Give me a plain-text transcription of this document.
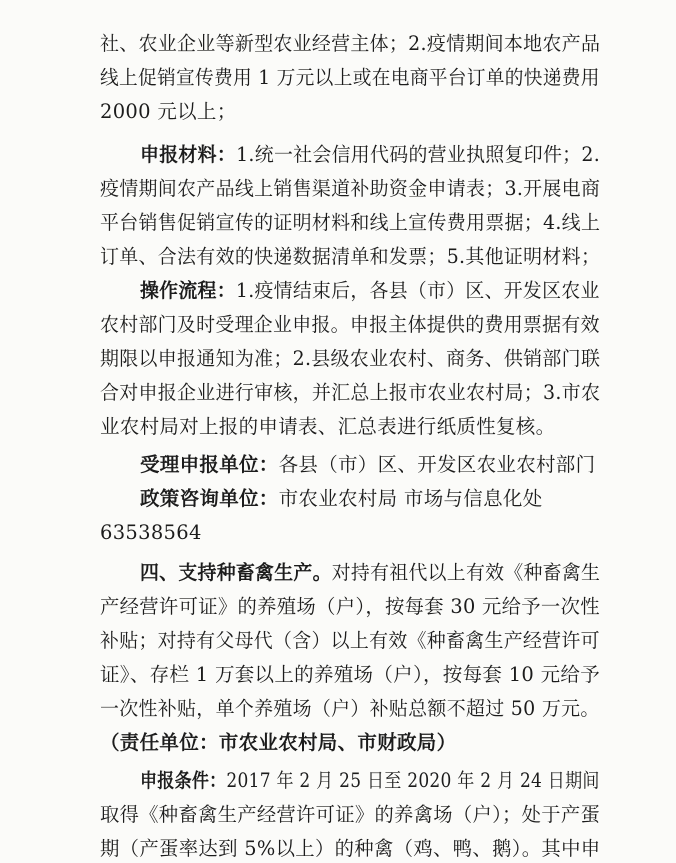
社、农业企业等新型农业经营主体；2.疫情期间本地农产品
线上促销宣传费用 1 万元以上或在电商平台订单的快递费用
2000 元以上；
申报材料：1.统一社会信用代码的营业执照复印件；2.
疫情期间农产品线上销售渠道补助资金申请表；3.开展电商
平台销售促销宣传的证明材料和线上宣传费用票据；4.线上
订单、合法有效的快递数据清单和发票；5.其他证明材料；
操作流程：1.疫情结束后，各县（市）区、开发区农业
农村部门及时受理企业申报。申报主体提供的费用票据有效
期限以申报通知为准；2.县级农业农村、商务、供销部门联
合对申报企业进行审核，并汇总上报市农业农村局；3.市农
业农村局对上报的申请表、汇总表进行纸质性复核。
受理申报单位：各县（市）区、开发区农业农村部门
政策咨询单位：市农业农村局 市场与信息化处
63538564
四、支持种畜禽生产。对持有祖代以上有效《种畜禽生
产经营许可证》的养殖场（户），按每套 30 元给予一次性
补贴；对持有父母代（含）以上有效《种畜禽生产经营许可
证》、存栏 1 万套以上的养殖场（户），按每套 10 元给予
一次性补贴，单个养殖场（户）补贴总额不超过 50 万元。
（责任单位：市农业农村局、市财政局）
申报条件：2017 年 2 月 25 日至 2020 年 2 月 24 日期间
取得《种畜禽生产经营许可证》的养禽场（户）；处于产蛋
期（产蛋率达到 5%以上）的种禽（鸡、鸭、鹅）。其中申
